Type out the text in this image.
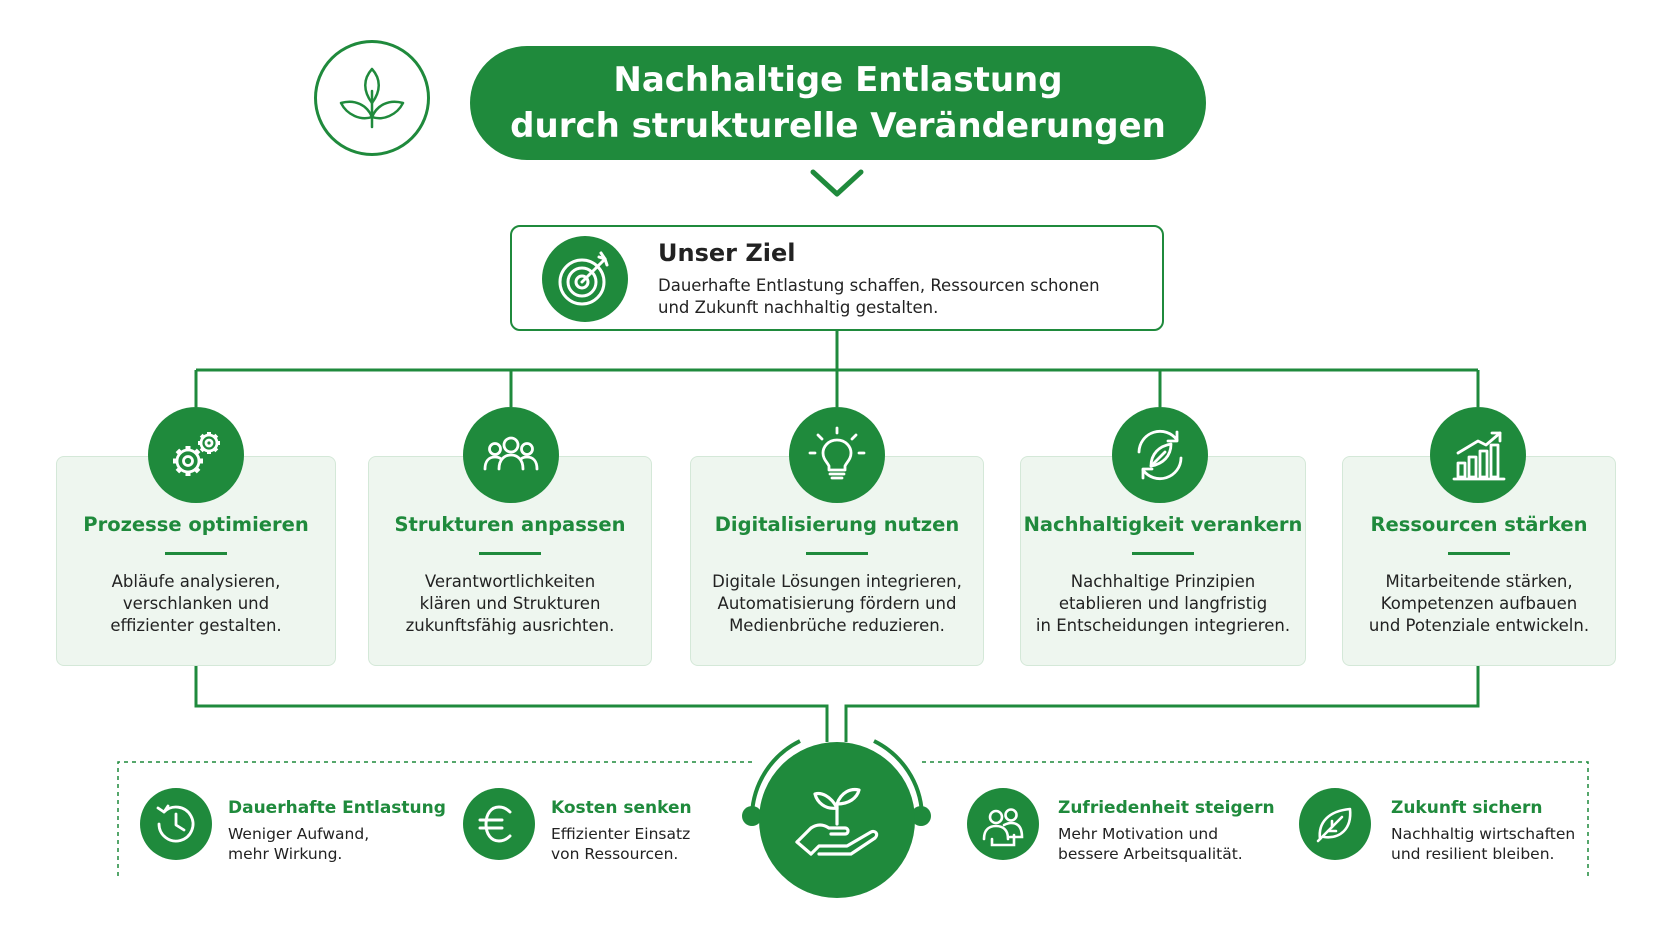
Nachhaltige Entlastung
durch strukturelle Veränderungen
Unser Ziel
Dauerhafte Entlastung schaffen, Ressourcen schonen
und Zukunft nachhaltig gestalten.
Prozesse optimieren
Abläufe analysieren,
verschlanken und
effizienter gestalten.
Strukturen anpassen
Verantwortlichkeiten
klären und Strukturen
zukunftsfähig ausrichten.
Digitalisierung nutzen
Digitale Lösungen integrieren,
Automatisierung fördern und
Medienbrüche reduzieren.
Nachhaltigkeit verankern
Nachhaltige Prinzipien
etablieren und langfristig
in Entscheidungen integrieren.
Ressourcen stärken
Mitarbeitende stärken,
Kompetenzen aufbauen
und Potenziale entwickeln.
Dauerhafte Entlastung
Weniger Aufwand,
mehr Wirkung.
Kosten senken
Effizienter Einsatz
von Ressourcen.
Zufriedenheit steigern
Mehr Motivation und
bessere Arbeitsqualität.
Zukunft sichern
Nachhaltig wirtschaften
und resilient bleiben.
